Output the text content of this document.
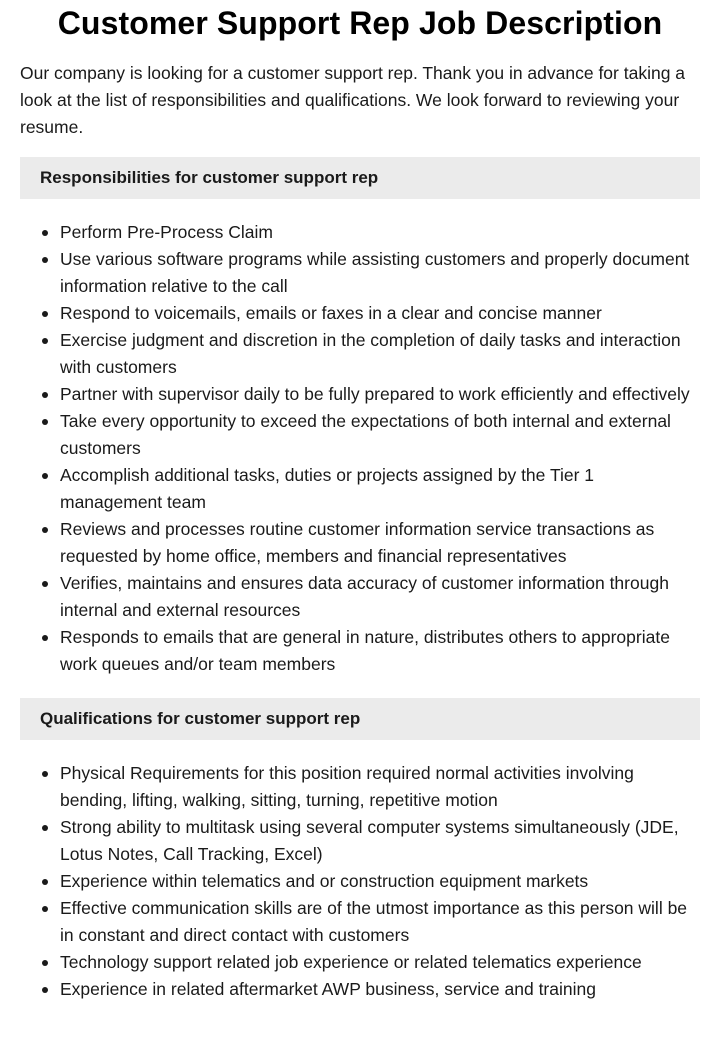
Customer Support Rep Job Description

Our company is looking for a customer support rep. Thank you in advance for taking a look at the list of responsibilities and qualifications. We look forward to reviewing your resume.

Responsibilities for customer support rep
Perform Pre-Process Claim
Use various software programs while assisting customers and properly document information relative to the call
Respond to voicemails, emails or faxes in a clear and concise manner
Exercise judgment and discretion in the completion of daily tasks and interaction with customers
Partner with supervisor daily to be fully prepared to work efficiently and effectively
Take every opportunity to exceed the expectations of both internal and external customers
Accomplish additional tasks, duties or projects assigned by the Tier 1 management team
Reviews and processes routine customer information service transactions as requested by home office, members and financial representatives
Verifies, maintains and ensures data accuracy of customer information through internal and external resources
Responds to emails that are general in nature, distributes others to appropriate work queues and/or team members
Qualifications for customer support rep
Physical Requirements for this position required normal activities involving bending, lifting, walking, sitting, turning, repetitive motion
Strong ability to multitask using several computer systems simultaneously (JDE, Lotus Notes, Call Tracking, Excel)
Experience within telematics and or construction equipment markets
Effective communication skills are of the utmost importance as this person will be in constant and direct contact with customers
Technology support related job experience or related telematics experience
Experience in related aftermarket AWP business, service and training
